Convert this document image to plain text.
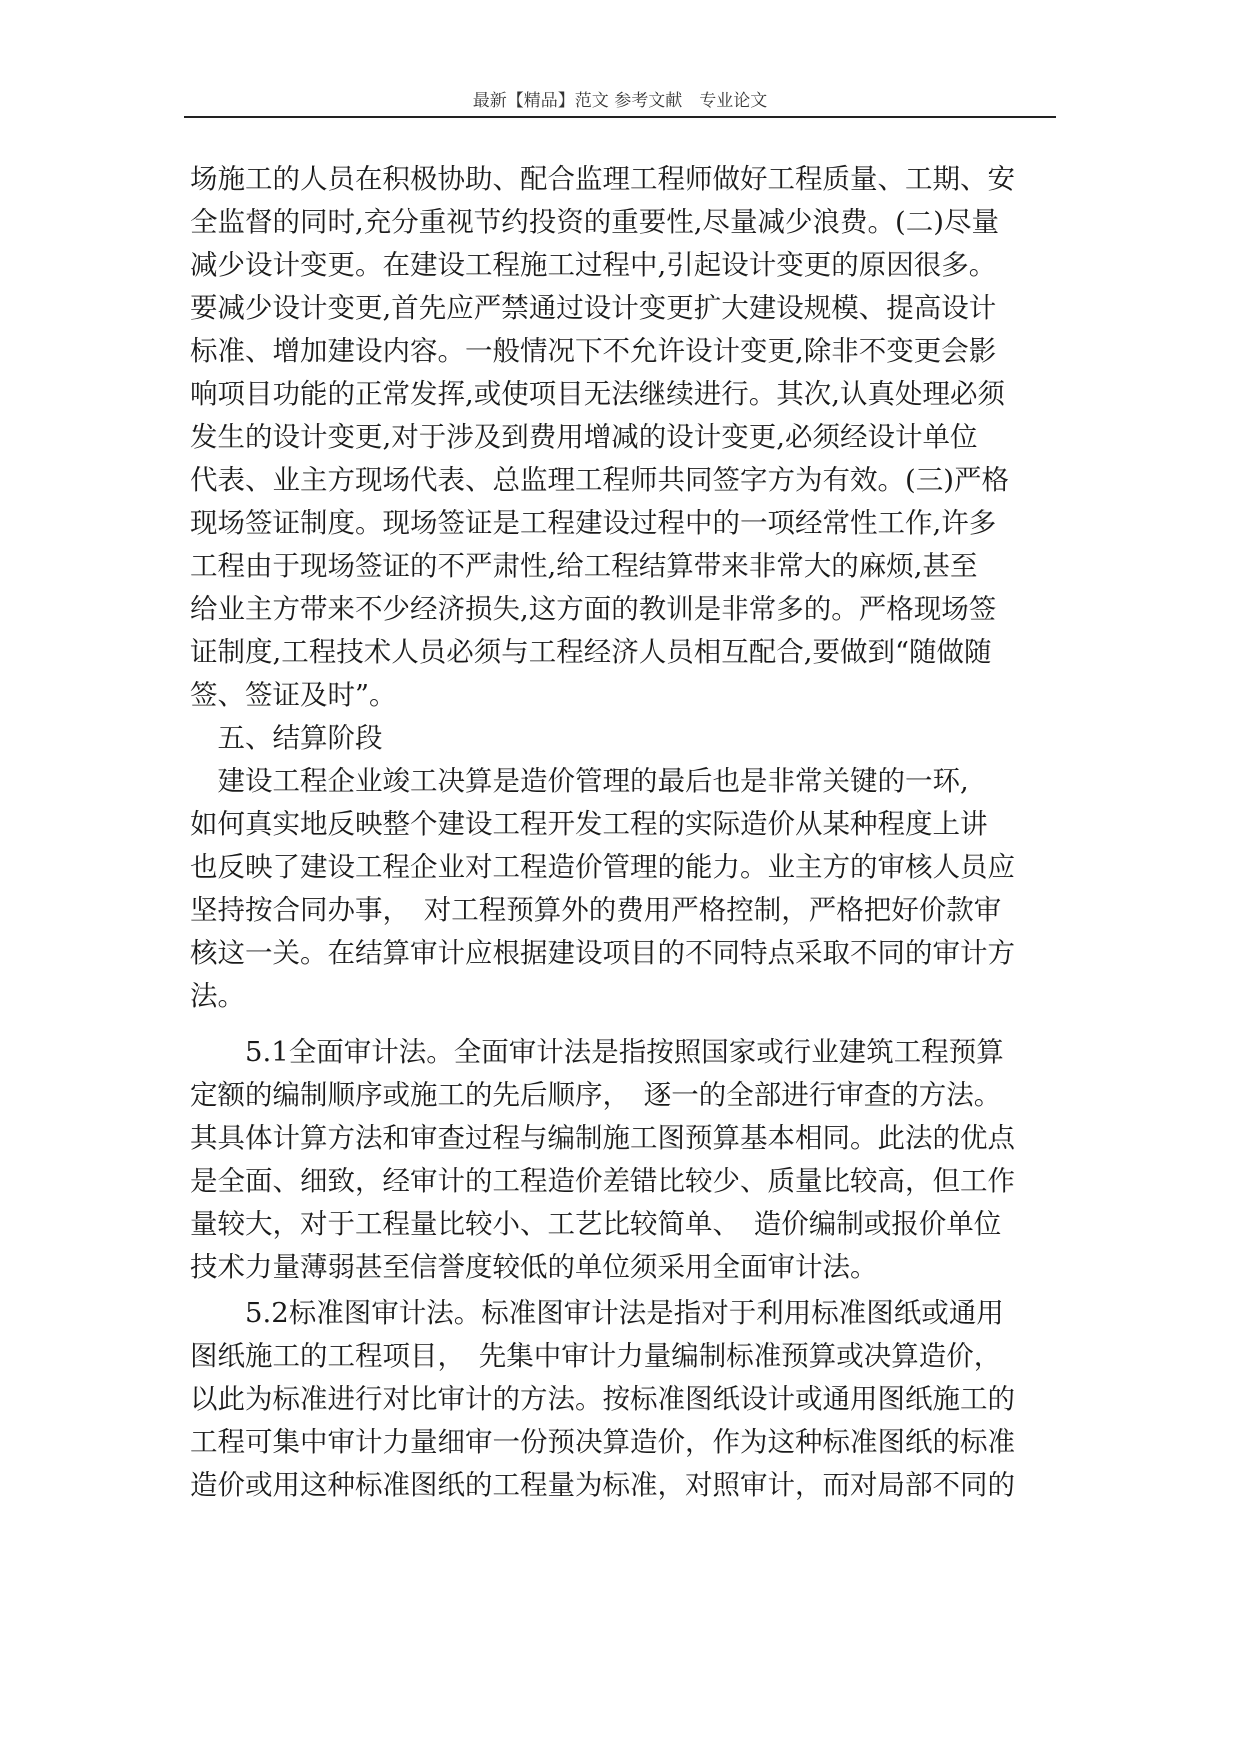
最新【精品】范文 参考文献　专业论文
场施工的人员在积极协助、配合监理工程师做好工程质量、工期、安
全监督的同时,充分重视节约投资的重要性,尽量减少浪费。(二)尽量
减少设计变更。在建设工程施工过程中,引起设计变更的原因很多。
要减少设计变更,首先应严禁通过设计变更扩大建设规模、提高设计
标准、增加建设内容。一般情况下不允许设计变更,除非不变更会影
响项目功能的正常发挥,或使项目无法继续进行。其次,认真处理必须
发生的设计变更,对于涉及到费用增减的设计变更,必须经设计单位
代表、业主方现场代表、总监理工程师共同签字方为有效。(三)严格
现场签证制度。现场签证是工程建设过程中的一项经常性工作,许多
工程由于现场签证的不严肃性,给工程结算带来非常大的麻烦,甚至
给业主方带来不少经济损失,这方面的教训是非常多的。严格现场签
证制度,工程技术人员必须与工程经济人员相互配合,要做到“随做随
签、签证及时”。
　五、结算阶段
　建设工程企业竣工决算是造价管理的最后也是非常关键的一环,
如何真实地反映整个建设工程开发工程的实际造价从某种程度上讲
也反映了建设工程企业对工程造价管理的能力。业主方的审核人员应
坚持按合同办事，　对工程预算外的费用严格控制，严格把好价款审
核这一关。在结算审计应根据建设项目的不同特点采取不同的审计方
法。
　　5.1全面审计法。全面审计法是指按照国家或行业建筑工程预算
定额的编制顺序或施工的先后顺序，　逐一的全部进行审查的方法。
其具体计算方法和审查过程与编制施工图预算基本相同。此法的优点
是全面、细致，经审计的工程造价差错比较少、质量比较高，但工作
量较大，对于工程量比较小、工艺比较简单、　造价编制或报价单位
技术力量薄弱甚至信誉度较低的单位须采用全面审计法。
　　5.2标准图审计法。标准图审计法是指对于利用标准图纸或通用
图纸施工的工程项目，　先集中审计力量编制标准预算或决算造价，
以此为标准进行对比审计的方法。按标准图纸设计或通用图纸施工的
工程可集中审计力量细审一份预决算造价，作为这种标准图纸的标准
造价或用这种标准图纸的工程量为标准，对照审计，而对局部不同的
